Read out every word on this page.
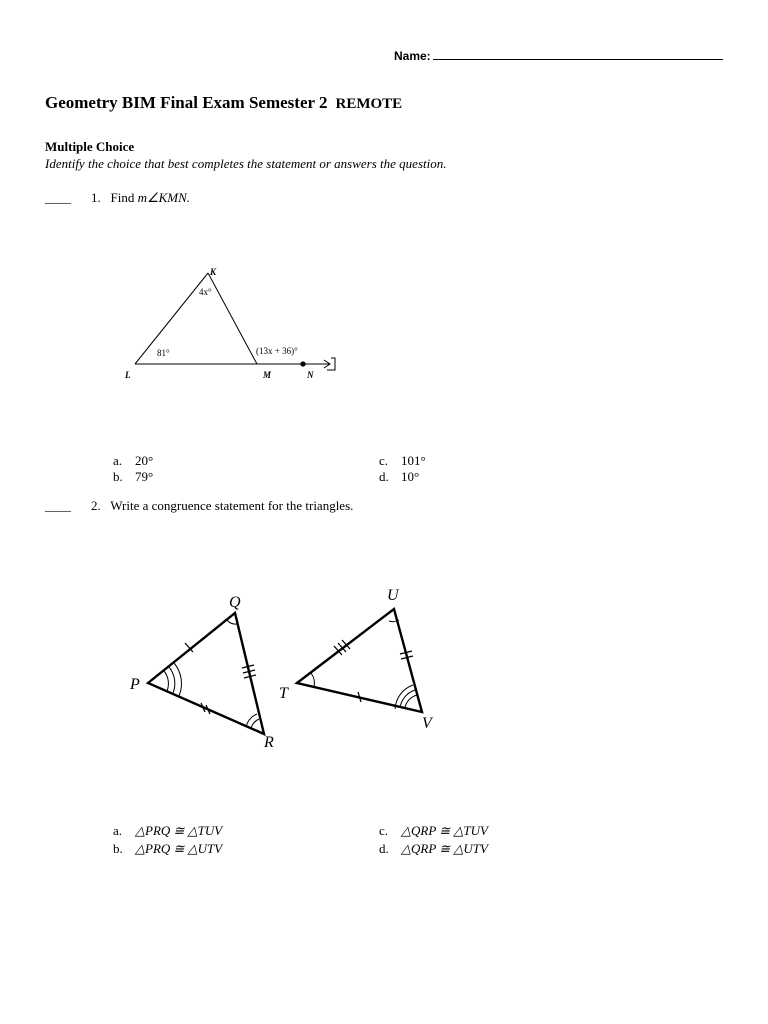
Name:
Geometry BIM Final Exam Semester 2 REMOTE
Multiple Choice
Identify the choice that best completes the statement or answers the question.
____ 1. Find m∠KMN.
K
L	M	N
4x°
81°	(13x + 36)°
a. 20°
b. 79°
c. 101°
d. 10°
____ 2. Write a congruence statement for the triangles.
Q
P
R
U
T
V
a. △PRQ ≅ △TUV
b. △PRQ ≅ △UTV
c. △QRP ≅ △TUV
d. △QRP ≅ △UTV
